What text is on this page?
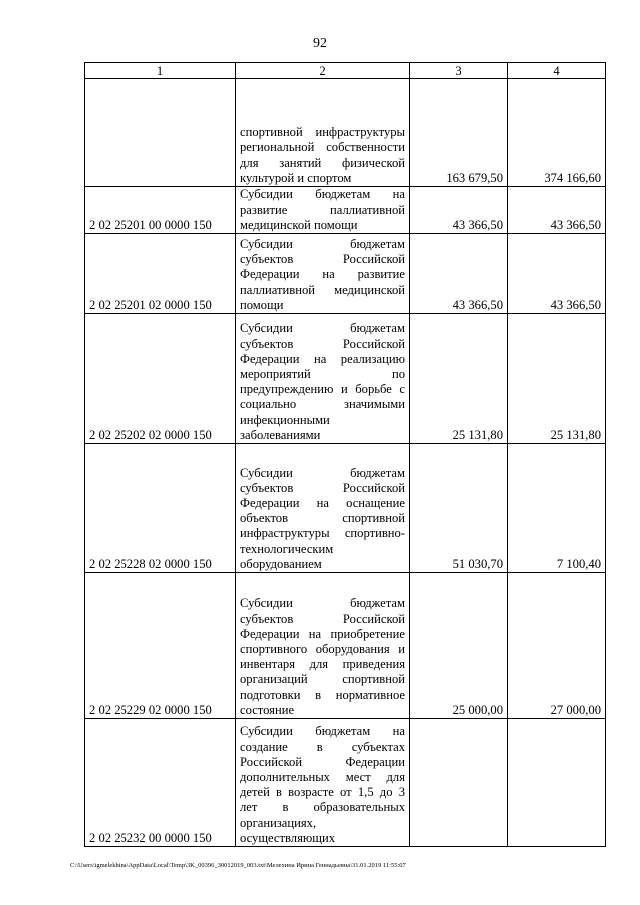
92
1	2	3	4
	спортивной инфраструктуры региональной собственности для занятий физической культурой и спортом	163 679,50	374 166,60
2 02 25201 00 0000 150	Субсидии бюджетам на развитие паллиативной медицинской помощи	43 366,50	43 366,50
2 02 25201 02 0000 150	Субсидии бюджетам субъектов Российской Федерации на развитие паллиативной медицинской помощи	43 366,50	43 366,50
2 02 25202 02 0000 150	Субсидии бюджетам субъектов Российской Федерации на реализацию мероприятий по предупреждению и борьбе с социально значимыми инфекционными заболеваниями	25 131,80	25 131,80
2 02 25228 02 0000 150	Субсидии бюджетам субъектов Российской Федерации на оснащение объектов спортивной инфраструктуры спортивно-технологическим оборудованием	51 030,70	7 100,40
2 02 25229 02 0000 150	Субсидии бюджетам субъектов Российской Федерации на приобретение спортивного оборудования и инвентаря для приведения организаций спортивной подготовки в нормативное состояние	25 000,00	27 000,00
2 02 25232 00 0000 150	Субсидии бюджетам на создание в субъектах Российской Федерации дополнительных мест для детей в возрасте от 1,5 до 3 лет в образовательных организациях, осуществляющих		
C:\Users\igmelekhina\AppData\Local\Temp\3K_00396_30012019_003.txt\Мелехина Ирина Геннадьевна\31.01.2019 11:55:07
